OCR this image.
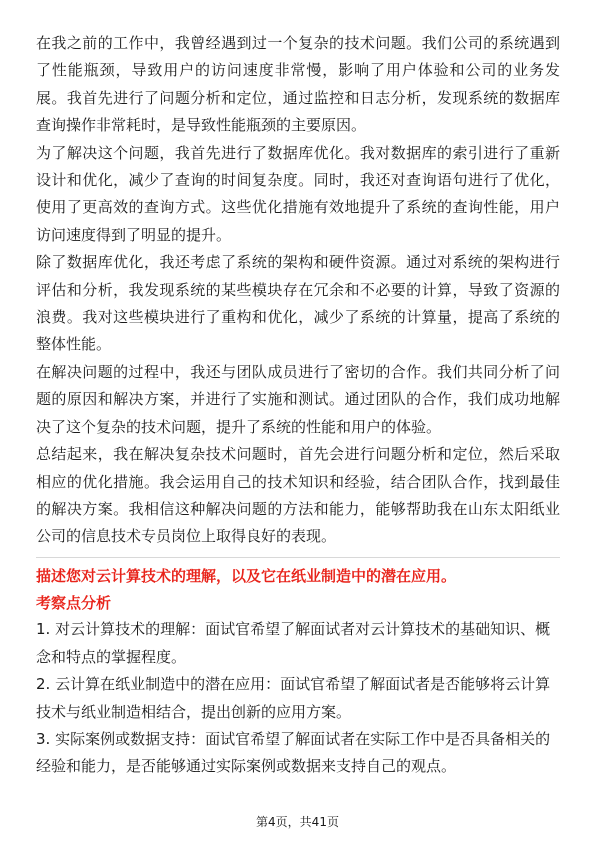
在我之前的工作中，我曾经遇到过一个复杂的技术问题。我们公司的系统遇到了性能瓶颈，导致用户的访问速度非常慢，影响了用户体验和公司的业务发展。我首先进行了问题分析和定位，通过监控和日志分析，发现系统的数据库查询操作非常耗时，是导致性能瓶颈的主要原因。

为了解决这个问题，我首先进行了数据库优化。我对数据库的索引进行了重新设计和优化，减少了查询的时间复杂度。同时，我还对查询语句进行了优化，使用了更高效的查询方式。这些优化措施有效地提升了系统的查询性能，用户访问速度得到了明显的提升。

除了数据库优化，我还考虑了系统的架构和硬件资源。通过对系统的架构进行评估和分析，我发现系统的某些模块存在冗余和不必要的计算，导致了资源的浪费。我对这些模块进行了重构和优化，减少了系统的计算量，提高了系统的整体性能。

在解决问题的过程中，我还与团队成员进行了密切的合作。我们共同分析了问题的原因和解决方案，并进行了实施和测试。通过团队的合作，我们成功地解决了这个复杂的技术问题，提升了系统的性能和用户的体验。

总结起来，我在解决复杂技术问题时，首先会进行问题分析和定位，然后采取相应的优化措施。我会运用自己的技术知识和经验，结合团队合作，找到最佳的解决方案。我相信这种解决问题的方法和能力，能够帮助我在山东太阳纸业公司的信息技术专员岗位上取得良好的表现。

描述您对云计算技术的理解，以及它在纸业制造中的潜在应用。

考察点分析

1. 对云计算技术的理解：面试官希望了解面试者对云计算技术的基础知识、概念和特点的掌握程度。

2. 云计算在纸业制造中的潜在应用：面试官希望了解面试者是否能够将云计算技术与纸业制造相结合，提出创新的应用方案。

3. 实际案例或数据支持：面试官希望了解面试者在实际工作中是否具备相关的经验和能力，是否能够通过实际案例或数据来支持自己的观点。

第4页，共41页
